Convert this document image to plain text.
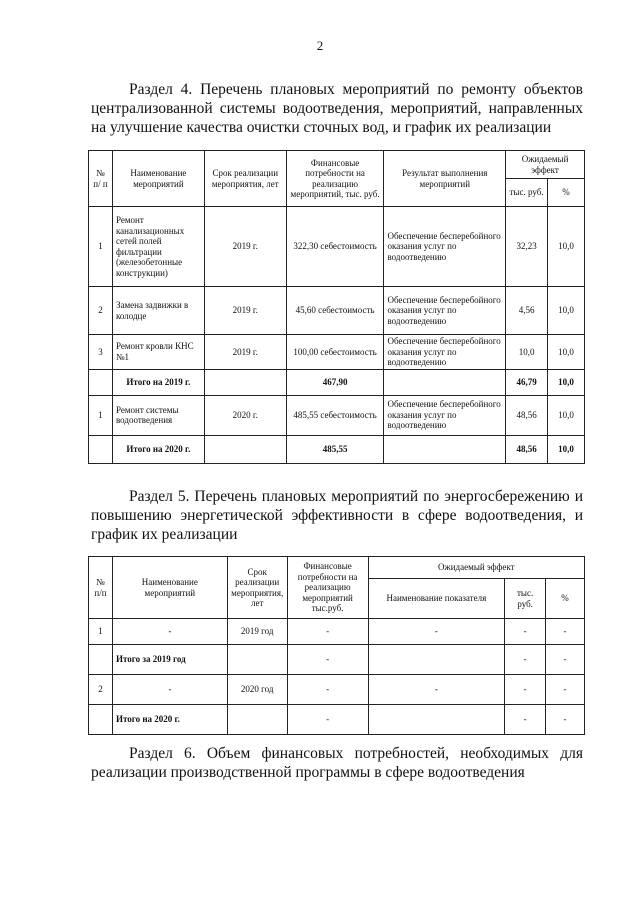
2
Раздел 4. Перечень плановых мероприятий по ремонту объектов централизованной системы водоотведения, мероприятий, направленных на улучшение качества очистки сточных вод, и график их реализации
№ п/ п	Наименование мероприятий	Срок реализации мероприятия, лет	Финансовые потребности на реализацию мероприятий, тыс. руб.	Результат выполнения мероприятий	Ожидаемый эффект	
					тыс. руб.	%
1	Ремонт канализационных сетей полей фильтрации (железобетонные конструкции)	2019 г.	322,30 себестоимость	Обеспечение бесперебойного оказания услуг по водоотведению	32,23	10,0
2	Замена задвижки в колодце	2019 г.	45,60 себестоимость	Обеспечение бесперебойного оказания услуг по водоотведению	4,56	10,0
3	Ремонт кровли КНС №1	2019 г.	100,00 себестоимость	Обеспечение бесперебойного оказания услуг по водоотведению	10,0	10,0
	Итого на 2019 г.		467,90		46,79	10,0
1	Ремонт системы водоотведения	2020 г.	485,55 себестоимость	Обеспечение бесперебойного оказания услуг по водоотведению	48,56	10,0
	Итого на 2020 г.		485,55		48,56	10,0
Раздел 5. Перечень плановых мероприятий по энергосбережению и повышению энергетической эффективности в сфере водоотведения, и график их реализации
№ п/п	Наименование мероприятий	Срок реализации мероприятия, лет	Финансовые потребности на реализацию мероприятий тыс.руб.	Ожидаемый эффект		
				Наименование показателя	тыс. руб.	%
1	-	2019 год	-	-	-	-
	Итого за 2019 год		-		-	-
2	-	2020 год	-	-	-	-
	Итого на 2020 г.		-		-	-
Раздел 6. Объем финансовых потребностей, необходимых для реализации производственной программы в сфере водоотведения
